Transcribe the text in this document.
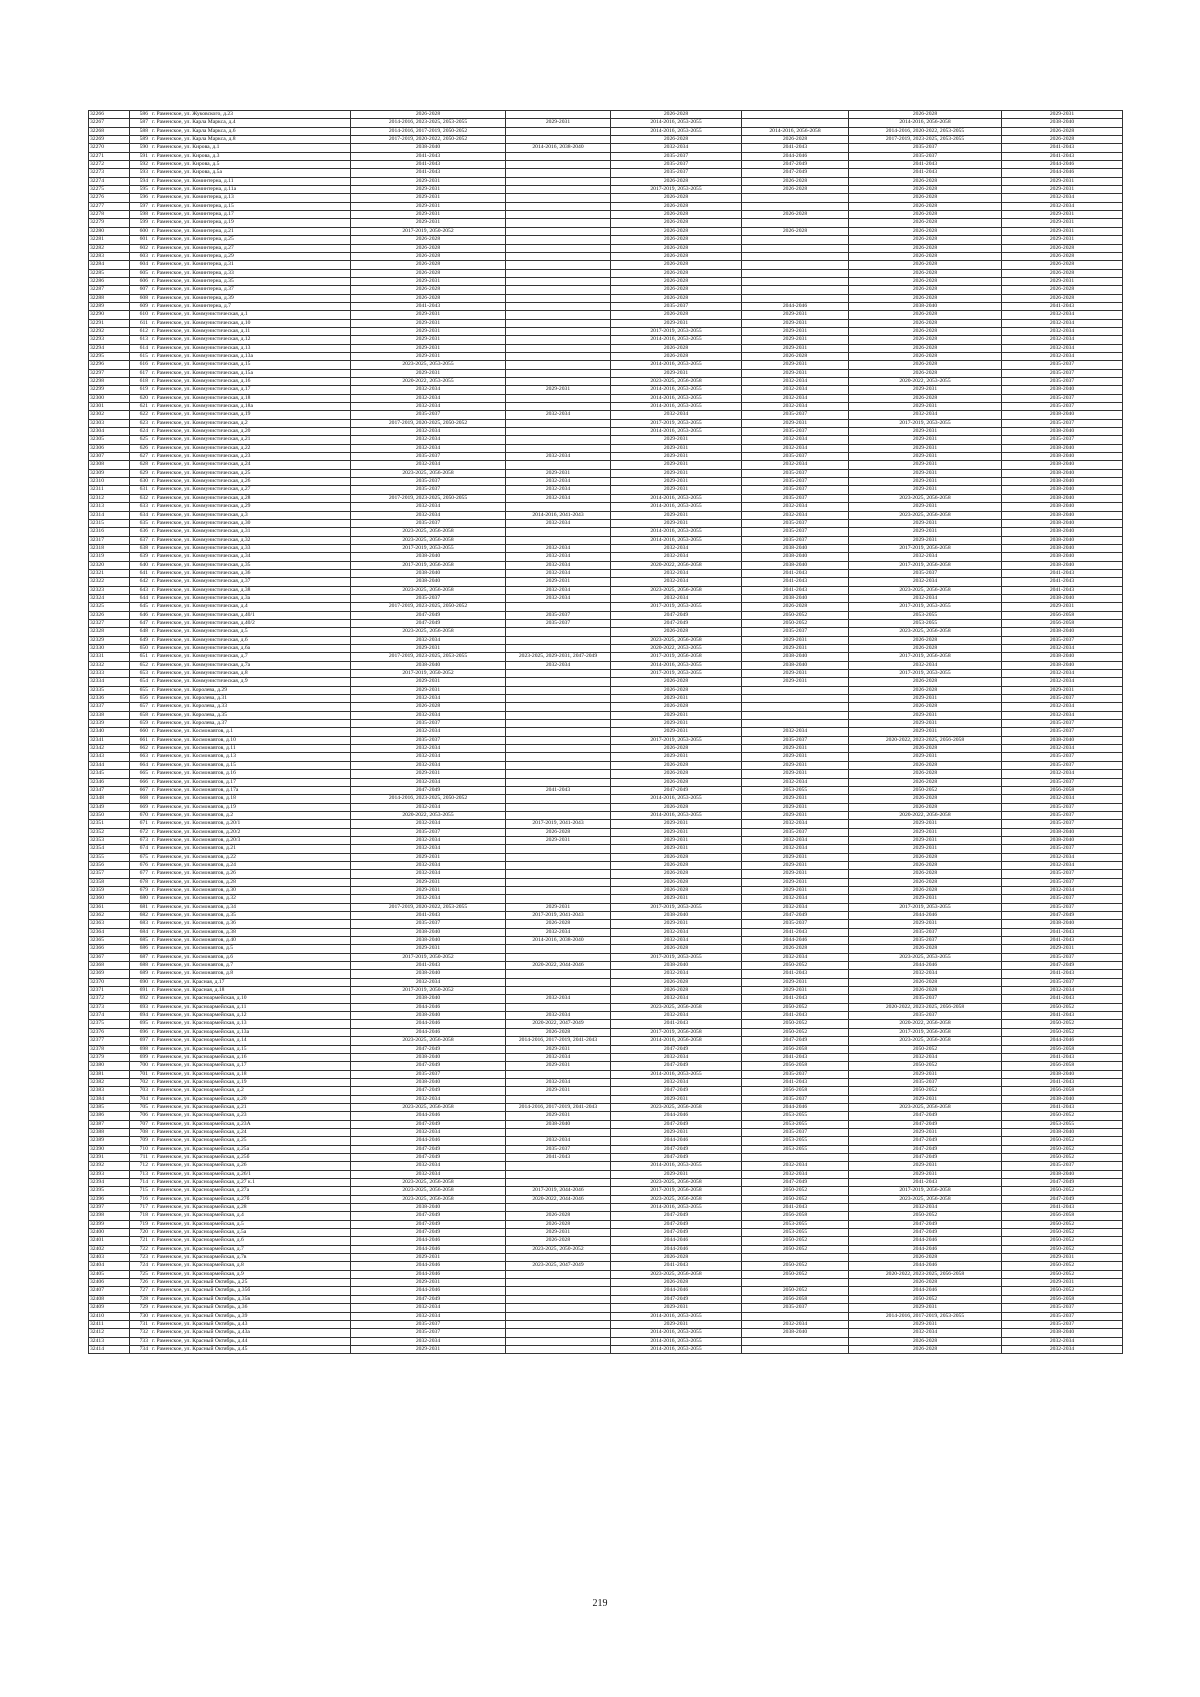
32266	586 г. Раменское, ул. Жуковского, д.23	2026-2028		2026-2028		2026-2028	2029-2031
32267	587 г. Раменское, ул. Карла Маркса, д.4	2014-2016, 2023-2025, 2053-2055	2029-2031	2014-2016, 2053-2055		2014-2016, 2056-2058	2038-2040
32268	588 г. Раменское, ул. Карла Маркса, д.6	2014-2016, 2017-2019, 2050-2052		2014-2016, 2053-2055	2014-2016, 2056-2058	2014-2016, 2020-2022, 2053-2055	2026-2028
32269	589 г. Раменское, ул. Карла Маркса, д.8	2017-2019, 2020-2022, 2050-2052		2026-2028	2026-2028	2017-2019, 2023-2025, 2053-2055	2026-2028
32270	590 г. Раменское, ул. Кирова, д.1	2038-2040	2014-2016, 2038-2040	2032-2034	2041-2043	2035-2037	2041-2043
32271	591 г. Раменское, ул. Кирова, д.3	2041-2043		2035-2037	2044-2046	2035-2037	2041-2043
32272	592 г. Раменское, ул. Кирова, д.5	2041-2043		2035-2037	2047-2049	2041-2043	2044-2046
32273	593 г. Раменское, ул. Кирова, д.5а	2041-2043		2035-2037	2047-2049	2041-2043	2044-2046
32274	594 г. Раменское, ул. Коминтерна, д.11	2029-2031		2026-2028	2026-2028	2026-2028	2029-2031
32275	595 г. Раменское, ул. Коминтерна, д.11а	2029-2031		2017-2019, 2053-2055	2026-2028	2026-2028	2029-2031
32276	596 г. Раменское, ул. Коминтерна, д.13	2029-2031		2026-2028		2026-2028	2032-2034
32277	597 г. Раменское, ул. Коминтерна, д.15	2029-2031		2026-2028		2026-2028	2032-2034
32278	598 г. Раменское, ул. Коминтерна, д.17	2029-2031		2026-2028	2026-2028	2026-2028	2029-2031
32279	599 г. Раменское, ул. Коминтерна, д.19	2029-2031		2026-2028		2026-2028	2029-2031
32280	600 г. Раменское, ул. Коминтерна, д.21	2017-2019, 2050-2052		2026-2028	2026-2028	2026-2028	2029-2031
32281	601 г. Раменское, ул. Коминтерна, д.25	2026-2028		2026-2028		2026-2028	2029-2031
32282	602 г. Раменское, ул. Коминтерна, д.27	2026-2028		2026-2028		2026-2028	2026-2028
32283	603 г. Раменское, ул. Коминтерна, д.29	2026-2028		2026-2028		2026-2028	2026-2028
32284	604 г. Раменское, ул. Коминтерна, д.31	2026-2028		2026-2028		2026-2028	2026-2028
32285	605 г. Раменское, ул. Коминтерна, д.33	2026-2028		2026-2028		2026-2028	2026-2028
32286	606 г. Раменское, ул. Коминтерна, д.35	2029-2031		2026-2028		2026-2028	2029-2031
32287	607 г. Раменское, ул. Коминтерна, д.37	2026-2028		2026-2028		2026-2028	2026-2028
32288	608 г. Раменское, ул. Коминтерна, д.39	2026-2028		2026-2028		2026-2028	2026-2028
32289	609 г. Раменское, ул. Коминтерна, д.7	2041-2043		2035-2037	2044-2046	2038-2040	2041-2043
32290	610 г. Раменское, ул. Коммунистическая, д.1	2029-2031		2026-2028	2029-2031	2026-2028	2032-2034
32291	611 г. Раменское, ул. Коммунистическая, д.10	2029-2031		2029-2031	2029-2031	2026-2028	2032-2034
32292	612 г. Раменское, ул. Коммунистическая, д.11	2029-2031		2017-2019, 2053-2055	2029-2031	2026-2028	2032-2034
32293	613 г. Раменское, ул. Коммунистическая, д.12	2029-2031		2014-2016, 2053-2055	2029-2031	2026-2028	2032-2034
32294	614 г. Раменское, ул. Коммунистическая, д.13	2029-2031		2026-2028	2029-2031	2026-2028	2032-2034
32295	615 г. Раменское, ул. Коммунистическая, д.13а	2029-2031		2026-2028	2026-2028	2026-2028	2032-2034
32296	616 г. Раменское, ул. Коммунистическая, д.15	2023-2025, 2053-2055		2014-2016, 2053-2055	2029-2031	2026-2028	2035-2037
32297	617 г. Раменское, ул. Коммунистическая, д.15а	2029-2031		2029-2031	2029-2031	2026-2028	2035-2037
32298	618 г. Раменское, ул. Коммунистическая, д.16	2020-2022, 2053-2055		2023-2025, 2056-2058	2032-2034	2020-2022, 2053-2055	2035-2037
32299	619 г. Раменское, ул. Коммунистическая, д.17	2032-2034	2029-2031	2014-2016, 2053-2055	2032-2034	2029-2031	2038-2040
32300	620 г. Раменское, ул. Коммунистическая, д.18	2032-2034		2014-2016, 2053-2055	2032-2034	2026-2028	2035-2037
32301	621 г. Раменское, ул. Коммунистическая, д.18а	2032-2034		2014-2016, 2053-2055	2032-2034	2029-2031	2035-2037
32302	622 г. Раменское, ул. Коммунистическая, д.19	2035-2037	2032-2034	2032-2034	2035-2037	2032-2034	2038-2040
32303	623 г. Раменское, ул. Коммунистическая, д.2	2017-2019, 2020-2025, 2050-2052		2017-2019, 2053-2055	2029-2031	2017-2019, 2053-2055	2035-2037
32304	624 г. Раменское, ул. Коммунистическая, д.20	2032-2034		2014-2016, 2053-2055	2035-2037	2029-2031	2038-2040
32305	625 г. Раменское, ул. Коммунистическая, д.21	2032-2034		2029-2031	2032-2034	2029-2031	2035-2037
32306	626 г. Раменское, ул. Коммунистическая, д.22	2032-2034		2029-2031	2032-2034	2029-2031	2038-2040
32307	627 г. Раменское, ул. Коммунистическая, д.23	2035-2037	2032-2034	2029-2031	2035-2037	2029-2031	2038-2040
32308	628 г. Раменское, ул. Коммунистическая, д.24	2032-2034		2029-2031	2032-2034	2029-2031	2038-2040
32309	629 г. Раменское, ул. Коммунистическая, д.25	2023-2025, 2056-2058	2029-2031	2029-2031	2035-2037	2029-2031	2038-2040
32310	630 г. Раменское, ул. Коммунистическая, д.26	2035-2037	2032-2034	2029-2031	2035-2037	2029-2031	2038-2040
32311	631 г. Раменское, ул. Коммунистическая, д.27	2035-2037	2032-2034	2029-2031	2035-2037	2029-2031	2038-2040
32312	632 г. Раменское, ул. Коммунистическая, д.28	2017-2019, 2023-2025, 2050-2055	2032-2034	2014-2016, 2053-2055	2035-2037	2023-2025, 2056-2058	2038-2040
32313	633 г. Раменское, ул. Коммунистическая, д.29	2032-2034		2014-2016, 2053-2055	2032-2034	2029-2031	2038-2040
32314	634 г. Раменское, ул. Коммунистическая, д.3	2032-2034	2014-2016, 2041-2043	2029-2031	2032-2034	2023-2025, 2056-2058	2038-2040
32315	635 г. Раменское, ул. Коммунистическая, д.30	2035-2037	2032-2034	2029-2031	2035-2037	2029-2031	2038-2040
32316	636 г. Раменское, ул. Коммунистическая, д.31	2023-2025, 2056-2058		2014-2016, 2053-2055	2035-2037	2029-2031	2038-2040
32317	637 г. Раменское, ул. Коммунистическая, д.32	2023-2025, 2056-2058		2014-2016, 2053-2055	2035-2037	2029-2031	2038-2040
32318	638 г. Раменское, ул. Коммунистическая, д.33	2017-2019, 2053-2055	2032-2034	2032-2034	2038-2040	2017-2019, 2056-2058	2038-2040
32319	639 г. Раменское, ул. Коммунистическая, д.34	2038-2040	2032-2034	2032-2034	2038-2040	2032-2034	2038-2040
32320	640 г. Раменское, ул. Коммунистическая, д.35	2017-2019, 2056-2058	2032-2034	2020-2022, 2056-2058	2038-2040	2017-2019, 2056-2058	2038-2040
32321	641 г. Раменское, ул. Коммунистическая, д.36	2038-2040	2032-2034	2032-2034	2041-2043	2035-2037	2041-2043
32322	642 г. Раменское, ул. Коммунистическая, д.37	2038-2040	2029-2031	2032-2034	2041-2043	2032-2034	2041-2043
32323	643 г. Раменское, ул. Коммунистическая, д.38	2023-2025, 2056-2058	2032-2034	2023-2025, 2056-2058	2041-2043	2023-2025, 2056-2058	2041-2043
32324	644 г. Раменское, ул. Коммунистическая, д.3а	2035-2037	2032-2034	2032-2034	2038-2040	2032-2034	2038-2040
32325	645 г. Раменское, ул. Коммунистическая, д.4	2017-2019, 2023-2025, 2050-2052		2017-2019, 2053-2055	2026-2028	2017-2019, 2053-2055	2029-2031
32326	646 г. Раменское, ул. Коммунистическая, д.40/1	2047-2049	2035-2037	2047-2049	2050-2052	2053-2055	2056-2058
32327	647 г. Раменское, ул. Коммунистическая, д.40/2	2047-2049	2035-2037	2047-2049	2050-2052	2053-2055	2056-2058
32328	648 г. Раменское, ул. Коммунистическая, д.5	2023-2025, 2056-2058		2026-2028	2035-2037	2023-2025, 2056-2058	2038-2040
32329	649 г. Раменское, ул. Коммунистическая, д.6	2032-2034		2023-2025, 2056-2058	2029-2031	2026-2028	2035-2037
32330	650 г. Раменское, ул. Коммунистическая, д.6а	2029-2031		2020-2022, 2053-2055	2029-2031	2026-2028	2032-2034
32331	651 г. Раменское, ул. Коммунистическая, д.7	2017-2019, 2023-2025, 2053-2055	2023-2025, 2029-2031, 2047-2049	2017-2019, 2056-2058	2038-2040	2017-2019, 2056-2058	2038-2040
32332	652 г. Раменское, ул. Коммунистическая, д.7а	2038-2040	2032-2034	2014-2016, 2053-2055	2038-2040	2032-2034	2038-2040
32333	653 г. Раменское, ул. Коммунистическая, д.8	2017-2019, 2050-2052		2017-2019, 2053-2055	2029-2031	2017-2019, 2053-2055	2032-2034
32334	654 г. Раменское, ул. Коммунистическая, д.9	2029-2031		2026-2028	2029-2031	2026-2028	2032-2034
32335	655 г. Раменское, ул. Королева, д.29	2029-2031		2026-2028		2026-2028	2029-2031
32336	656 г. Раменское, ул. Королева, д.31	2032-2034		2029-2031		2029-2031	2035-2037
32337	657 г. Раменское, ул. Королева, д.33	2026-2028		2026-2028		2026-2028	2032-2034
32338	658 г. Раменское, ул. Королева, д.35	2032-2034		2029-2031		2029-2031	2032-2034
32339	659 г. Раменское, ул. Королева, д.37	2035-2037		2029-2031		2029-2031	2035-2037
32340	660 г. Раменское, ул. Космонавтов, д.1	2032-2034		2029-2031	2032-2034	2029-2031	2035-2037
32341	661 г. Раменское, ул. Космонавтов, д.10	2035-2037		2017-2019, 2053-2055	2035-2037	2020-2022, 2023-2025, 2056-2058	2038-2040
32342	662 г. Раменское, ул. Космонавтов, д.11	2032-2034		2026-2028	2029-2031	2026-2028	2032-2034
32343	663 г. Раменское, ул. Космонавтов, д.13	2032-2034		2029-2031	2029-2031	2029-2031	2035-2037
32344	664 г. Раменское, ул. Космонавтов, д.15	2032-2034		2026-2028	2029-2031	2026-2028	2035-2037
32345	665 г. Раменское, ул. Космонавтов, д.16	2029-2031		2026-2028	2029-2031	2026-2028	2032-2034
32346	666 г. Раменское, ул. Космонавтов, д.17	2032-2034		2026-2028	2032-2034	2026-2028	2035-2037
32347	667 г. Раменское, ул. Космонавтов, д.17а	2047-2049	2041-2043	2047-2049	2053-2055	2050-2052	2056-2058
32348	668 г. Раменское, ул. Космонавтов, д.18	2014-2016, 2023-2025, 2050-2052		2014-2016, 2053-2055	2029-2031	2026-2028	2032-2034
32349	669 г. Раменское, ул. Космонавтов, д.19	2032-2034		2026-2028	2029-2031	2026-2028	2035-2037
32350	670 г. Раменское, ул. Космонавтов, д.2	2020-2022, 2053-2055		2014-2016, 2053-2055	2029-2031	2020-2022, 2056-2058	2035-2037
32351	671 г. Раменское, ул. Космонавтов, д.20/1	2032-2034	2017-2019, 2041-2043	2029-2031	2032-2034	2029-2031	2035-2037
32352	672 г. Раменское, ул. Космонавтов, д.20/2	2035-2037	2026-2028	2029-2031	2035-2037	2029-2031	2038-2040
32353	673 г. Раменское, ул. Космонавтов, д.20/3	2032-2034	2029-2031	2029-2031	2032-2034	2029-2031	2038-2040
32354	674 г. Раменское, ул. Космонавтов, д.21	2032-2034		2029-2031	2032-2034	2029-2031	2035-2037
32355	675 г. Раменское, ул. Космонавтов, д.22	2029-2031		2026-2028	2029-2031	2026-2028	2032-2034
32356	676 г. Раменское, ул. Космонавтов, д.24	2032-2034		2026-2028	2029-2031	2026-2028	2032-2034
32357	677 г. Раменское, ул. Космонавтов, д.26	2032-2034		2026-2028	2029-2031	2026-2028	2035-2037
32358	678 г. Раменское, ул. Космонавтов, д.28	2029-2031		2026-2028	2029-2031	2026-2028	2035-2037
32359	679 г. Раменское, ул. Космонавтов, д.30	2029-2031		2026-2028	2029-2031	2026-2028	2032-2034
32360	680 г. Раменское, ул. Космонавтов, д.32	2032-2034		2029-2031	2032-2034	2029-2031	2035-2037
32361	681 г. Раменское, ул. Космонавтов, д.34	2017-2019, 2020-2022, 2053-2055	2029-2031	2017-2019, 2053-2055	2032-2034	2017-2019, 2053-2055	2035-2037
32362	682 г. Раменское, ул. Космонавтов, д.35	2041-2043	2017-2019, 2041-2043	2038-2040	2047-2049	2044-2046	2047-2049
32363	683 г. Раменское, ул. Космонавтов, д.36	2035-2037	2026-2028	2029-2031	2035-2037	2029-2031	2038-2040
32364	684 г. Раменское, ул. Космонавтов, д.38	2038-2040	2032-2034	2032-2034	2041-2043	2035-2037	2041-2043
32365	685 г. Раменское, ул. Космонавтов, д.40	2038-2040	2014-2016, 2038-2040	2032-2034	2044-2046	2035-2037	2041-2043
32366	686 г. Раменское, ул. Космонавтов, д.5	2029-2031		2026-2028	2026-2028	2026-2028	2029-2031
32367	687 г. Раменское, ул. Космонавтов, д.6	2017-2019, 2050-2052		2017-2019, 2053-2055	2032-2034	2023-2025, 2053-2055	2035-2037
32368	688 г. Раменское, ул. Космонавтов, д.7	2041-2043	2020-2022, 2044-2046	2038-2040	2050-2052	2044-2046	2047-2049
32369	689 г. Раменское, ул. Космонавтов, д.8	2038-2040		2032-2034	2041-2043	2032-2034	2041-2043
32370	690 г. Раменское, ул. Красная, д.17	2032-2034		2026-2028	2029-2031	2026-2028	2035-2037
32371	691 г. Раменское, ул. Красная, д.18	2017-2019, 2050-2052		2026-2028	2029-2031	2026-2028	2032-2034
32372	692 г. Раменское, ул. Красноармейская, д.10	2038-2040	2032-2034	2032-2034	2041-2043	2035-2037	2041-2043
32373	693 г. Раменское, ул. Красноармейская, д.11	2044-2046		2023-2025, 2056-2058	2050-2052	2020-2022, 2023-2025, 2056-2058	2050-2052
32374	694 г. Раменское, ул. Красноармейская, д.12	2038-2040	2032-2034	2032-2034	2041-2043	2035-2037	2041-2043
32375	695 г. Раменское, ул. Красноармейская, д.13	2044-2046	2020-2022, 2047-2049	2041-2043	2050-2052	2020-2022, 2056-2058	2050-2052
32376	696 г. Раменское, ул. Красноармейская, д.13а	2044-2046	2026-2028	2017-2019, 2056-2058	2050-2052	2017-2019, 2056-2058	2050-2052
32377	697 г. Раменское, ул. Красноармейская, д.14	2023-2025, 2056-2058	2014-2016, 2017-2019, 2041-2043	2014-2016, 2056-2058	2047-2049	2023-2025, 2056-2058	2044-2046
32378	698 г. Раменское, ул. Красноармейская, д.15	2047-2049	2029-2031	2047-2049	2056-2058	2050-2052	2056-2058
32379	699 г. Раменское, ул. Красноармейская, д.16	2038-2040	2032-2034	2032-2034	2041-2043	2032-2034	2041-2043
32380	700 г. Раменское, ул. Красноармейская, д.17	2047-2049	2029-2031	2047-2049	2056-2058	2050-2052	2056-2058
32381	701 г. Раменское, ул. Красноармейская, д.18	2035-2037		2014-2016, 2053-2055	2035-2037	2029-2031	2038-2040
32382	702 г. Раменское, ул. Красноармейская, д.19	2038-2040	2032-2034	2032-2034	2041-2043	2035-2037	2041-2043
32383	703 г. Раменское, ул. Красноармейская, д.2	2047-2049	2029-2031	2047-2049	2056-2058	2050-2052	2056-2058
32384	704 г. Раменское, ул. Красноармейская, д.20	2032-2034		2029-2031	2035-2037	2029-2031	2038-2040
32385	705 г. Раменское, ул. Красноармейская, д.21	2023-2025, 2056-2058	2014-2016, 2017-2019, 2041-2043	2023-2025, 2056-2058	2044-2046	2023-2025, 2056-2058	2041-2043
32386	706 г. Раменское, ул. Красноармейская, д.23	2044-2046	2029-2031	2044-2046	2053-2055	2047-2049	2050-2052
32387	707 г. Раменское, ул. Красноармейская, д.23А	2047-2049	2038-2040	2047-2049	2053-2055	2047-2049	2053-2055
32388	708 г. Раменское, ул. Красноармейская, д.24	2032-2034		2029-2031	2035-2037	2029-2031	2038-2040
32389	709 г. Раменское, ул. Красноармейская, д.25	2044-2046	2032-2034	2044-2046	2053-2055	2047-2049	2050-2052
32390	710 г. Раменское, ул. Красноармейская, д.25а	2047-2049	2035-2037	2047-2049	2053-2055	2047-2049	2050-2052
32391	711 г. Раменское, ул. Красноармейская, д.25б	2047-2049	2041-2043	2047-2049		2047-2049	2050-2052
32392	712 г. Раменское, ул. Красноармейская, д.26	2032-2034		2014-2016, 2053-2055	2032-2034	2029-2031	2035-2037
32393	713 г. Раменское, ул. Красноармейская, д.26/1	2032-2034		2029-2031	2032-2034	2029-2031	2038-2040
32394	714 г. Раменское, ул. Красноармейская, д.27 к.1	2023-2025, 2056-2058		2023-2025, 2056-2058	2047-2049	2041-2043	2047-2049
32395	715 г. Раменское, ул. Красноармейская, д.27а	2023-2025, 2056-2058	2017-2019, 2044-2046	2017-2019, 2056-2058	2050-2052	2017-2019, 2056-2058	2050-2052
32396	716 г. Раменское, ул. Красноармейская, д.27б	2023-2025, 2056-2058	2020-2022, 2044-2046	2023-2025, 2056-2058	2050-2052	2023-2025, 2056-2058	2047-2049
32397	717 г. Раменское, ул. Красноармейская, д.28	2038-2040		2014-2016, 2053-2055	2041-2043	2032-2034	2041-2043
32398	718 г. Раменское, ул. Красноармейская, д.4	2047-2049	2026-2028	2047-2049	2056-2058	2050-2052	2056-2058
32399	719 г. Раменское, ул. Красноармейская, д.5	2047-2049	2026-2028	2047-2049	2053-2055	2047-2049	2050-2052
32400	720 г. Раменское, ул. Красноармейская, д.5а	2047-2049	2029-2031	2047-2049	2053-2055	2047-2049	2050-2052
32401	721 г. Раменское, ул. Красноармейская, д.6	2044-2046	2026-2028	2044-2046	2050-2052	2044-2046	2050-2052
32402	722 г. Раменское, ул. Красноармейская, д.7	2044-2046	2023-2025, 2050-2052	2044-2046	2050-2052	2044-2046	2050-2052
32403	723 г. Раменское, ул. Красноармейская, д.7в	2029-2031		2026-2028		2026-2028	2029-2031
32404	724 г. Раменское, ул. Красноармейская, д.8	2044-2046	2023-2025, 2047-2049	2041-2043	2050-2052	2044-2046	2050-2052
32405	725 г. Раменское, ул. Красноармейская, д.9	2044-2046		2023-2025, 2056-2058	2050-2052	2020-2022, 2023-2025, 2056-2058	2050-2052
32406	726 г. Раменское, ул. Красный Октябрь, д.25	2029-2031		2026-2028		2026-2028	2029-2031
32407	727 г. Раменское, ул. Красный Октябрь, д.35б	2044-2046		2044-2046	2050-2052	2044-2046	2050-2052
32408	728 г. Раменское, ул. Красный Октябрь, д.35в	2047-2049		2047-2049	2056-2058	2050-2052	2056-2058
32409	729 г. Раменское, ул. Красный Октябрь, д.36	2032-2034		2029-2031	2035-2037	2029-2031	2035-2037
32410	730 г. Раменское, ул. Красный Октябрь, д.39	2032-2034		2014-2016, 2053-2055		2014-2016, 2017-2019, 2053-2055	2035-2037
32411	731 г. Раменское, ул. Красный Октябрь, д.43	2035-2037		2029-2031	2032-2034	2029-2031	2035-2037
32412	732 г. Раменское, ул. Красный Октябрь, д.43а	2035-2037		2014-2016, 2053-2055	2038-2040	2032-2034	2038-2040
32413	733 г. Раменское, ул. Красный Октябрь, д.44	2032-2034		2014-2016, 2053-2055		2026-2028	2032-2034
32414	734 г. Раменское, ул. Красный Октябрь, д.45	2029-2031		2014-2016, 2053-2055		2026-2028	2032-2034
219
